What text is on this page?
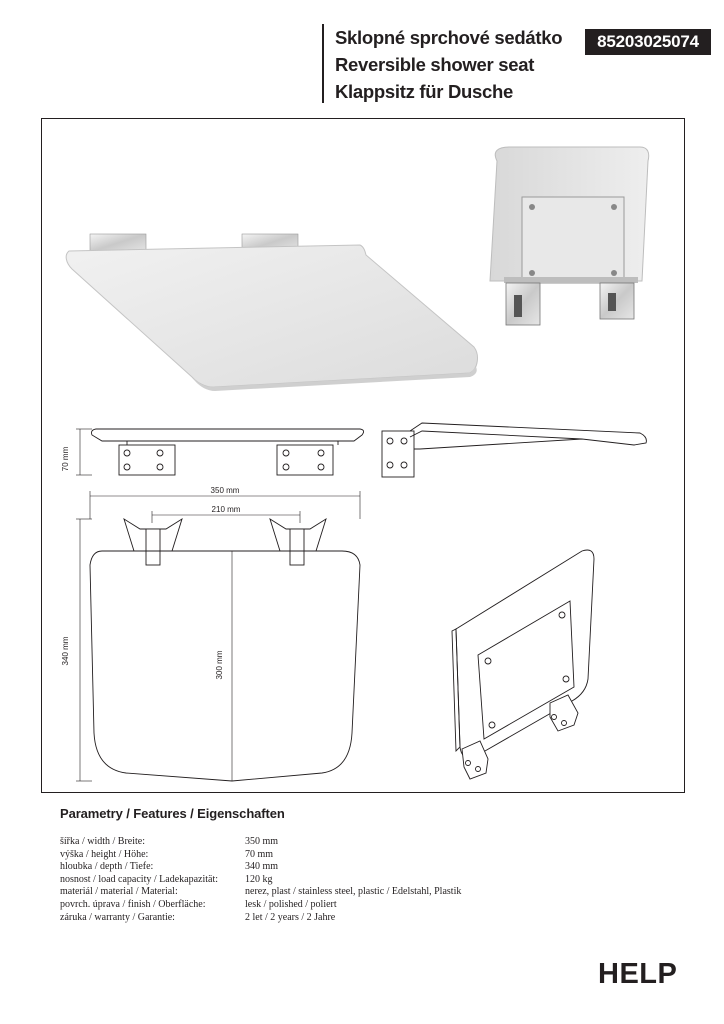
Sklopné sprchové sedátko
Reversible shower seat
Klappsitz für Dusche
85203025074
70 mm
350 mm
210 mm
340 mm	300 mm
Parametry / Features / Eigenschaften
šířka / width / Breite:	350 mm
výška / height / Höhe:	70 mm
hloubka / depth / Tiefe:	340 mm
nosnost / load capacity / Ladekapazität:	120 kg
materiál / material / Material:	nerez, plast / stainless steel, plastic / Edelstahl, Plastik
povrch. úprava / finish / Oberfläche:	lesk / polished / poliert
záruka / warranty / Garantie:	2 let / 2 years / 2 Jahre
HELP
